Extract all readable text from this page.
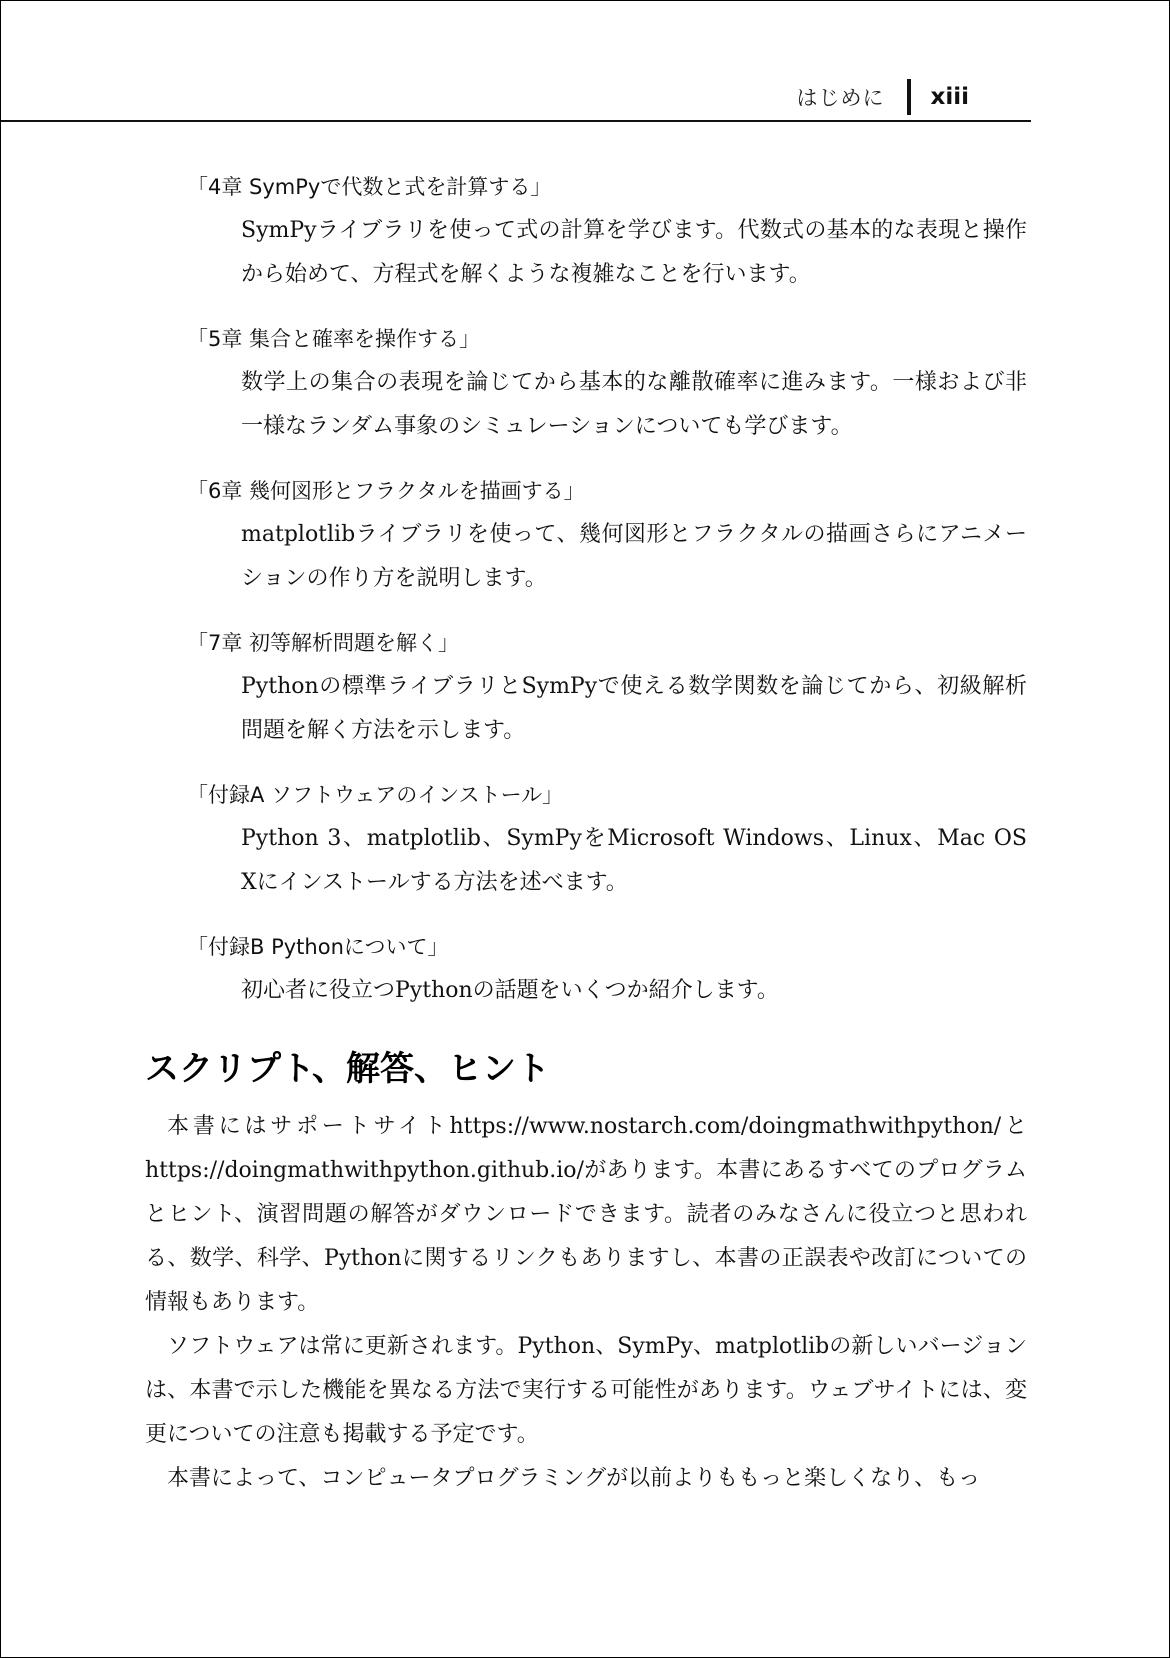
はじめに xiii
「4章 SymPyで代数と式を計算する」
SymPyライブラリを使って式の計算を学びます。代数式の基本的な表現と操作から始めて、方程式を解くような複雑なことを行います。
「5章 集合と確率を操作する」
数学上の集合の表現を論じてから基本的な離散確率に進みます。一様および非一様なランダム事象のシミュレーションについても学びます。
「6章 幾何図形とフラクタルを描画する」
matplotlibライブラリを使って、幾何図形とフラクタルの描画さらにアニメーションの作り方を説明します。
「7章 初等解析問題を解く」
Pythonの標準ライブラリとSymPyで使える数学関数を論じてから、初級解析問題を解く方法を示します。
「付録A ソフトウェアのインストール」
Python 3、matplotlib、SymPyをMicrosoft Windows、Linux、Mac OS Xにインストールする方法を述べます。
「付録B Pythonについて」
初心者に役立つPythonの話題をいくつか紹介します。
スクリプト、解答、ヒント

本書にはサポートサイトhttps://www.nostarch.com/doingmathwithpython/とhttps://doingmathwithpython.github.io/があります。本書にあるすべてのプログラムとヒント、演習問題の解答がダウンロードできます。読者のみなさんに役立つと思われる、数学、科学、Pythonに関するリンクもありますし、本書の正誤表や改訂についての情報もあります。

ソフトウェアは常に更新されます。Python、SymPy、matplotlibの新しいバージョンは、本書で示した機能を異なる方法で実行する可能性があります。ウェブサイトには、変更についての注意も掲載する予定です。

本書によって、コンピュータプログラミングが以前よりももっと楽しくなり、もっ
